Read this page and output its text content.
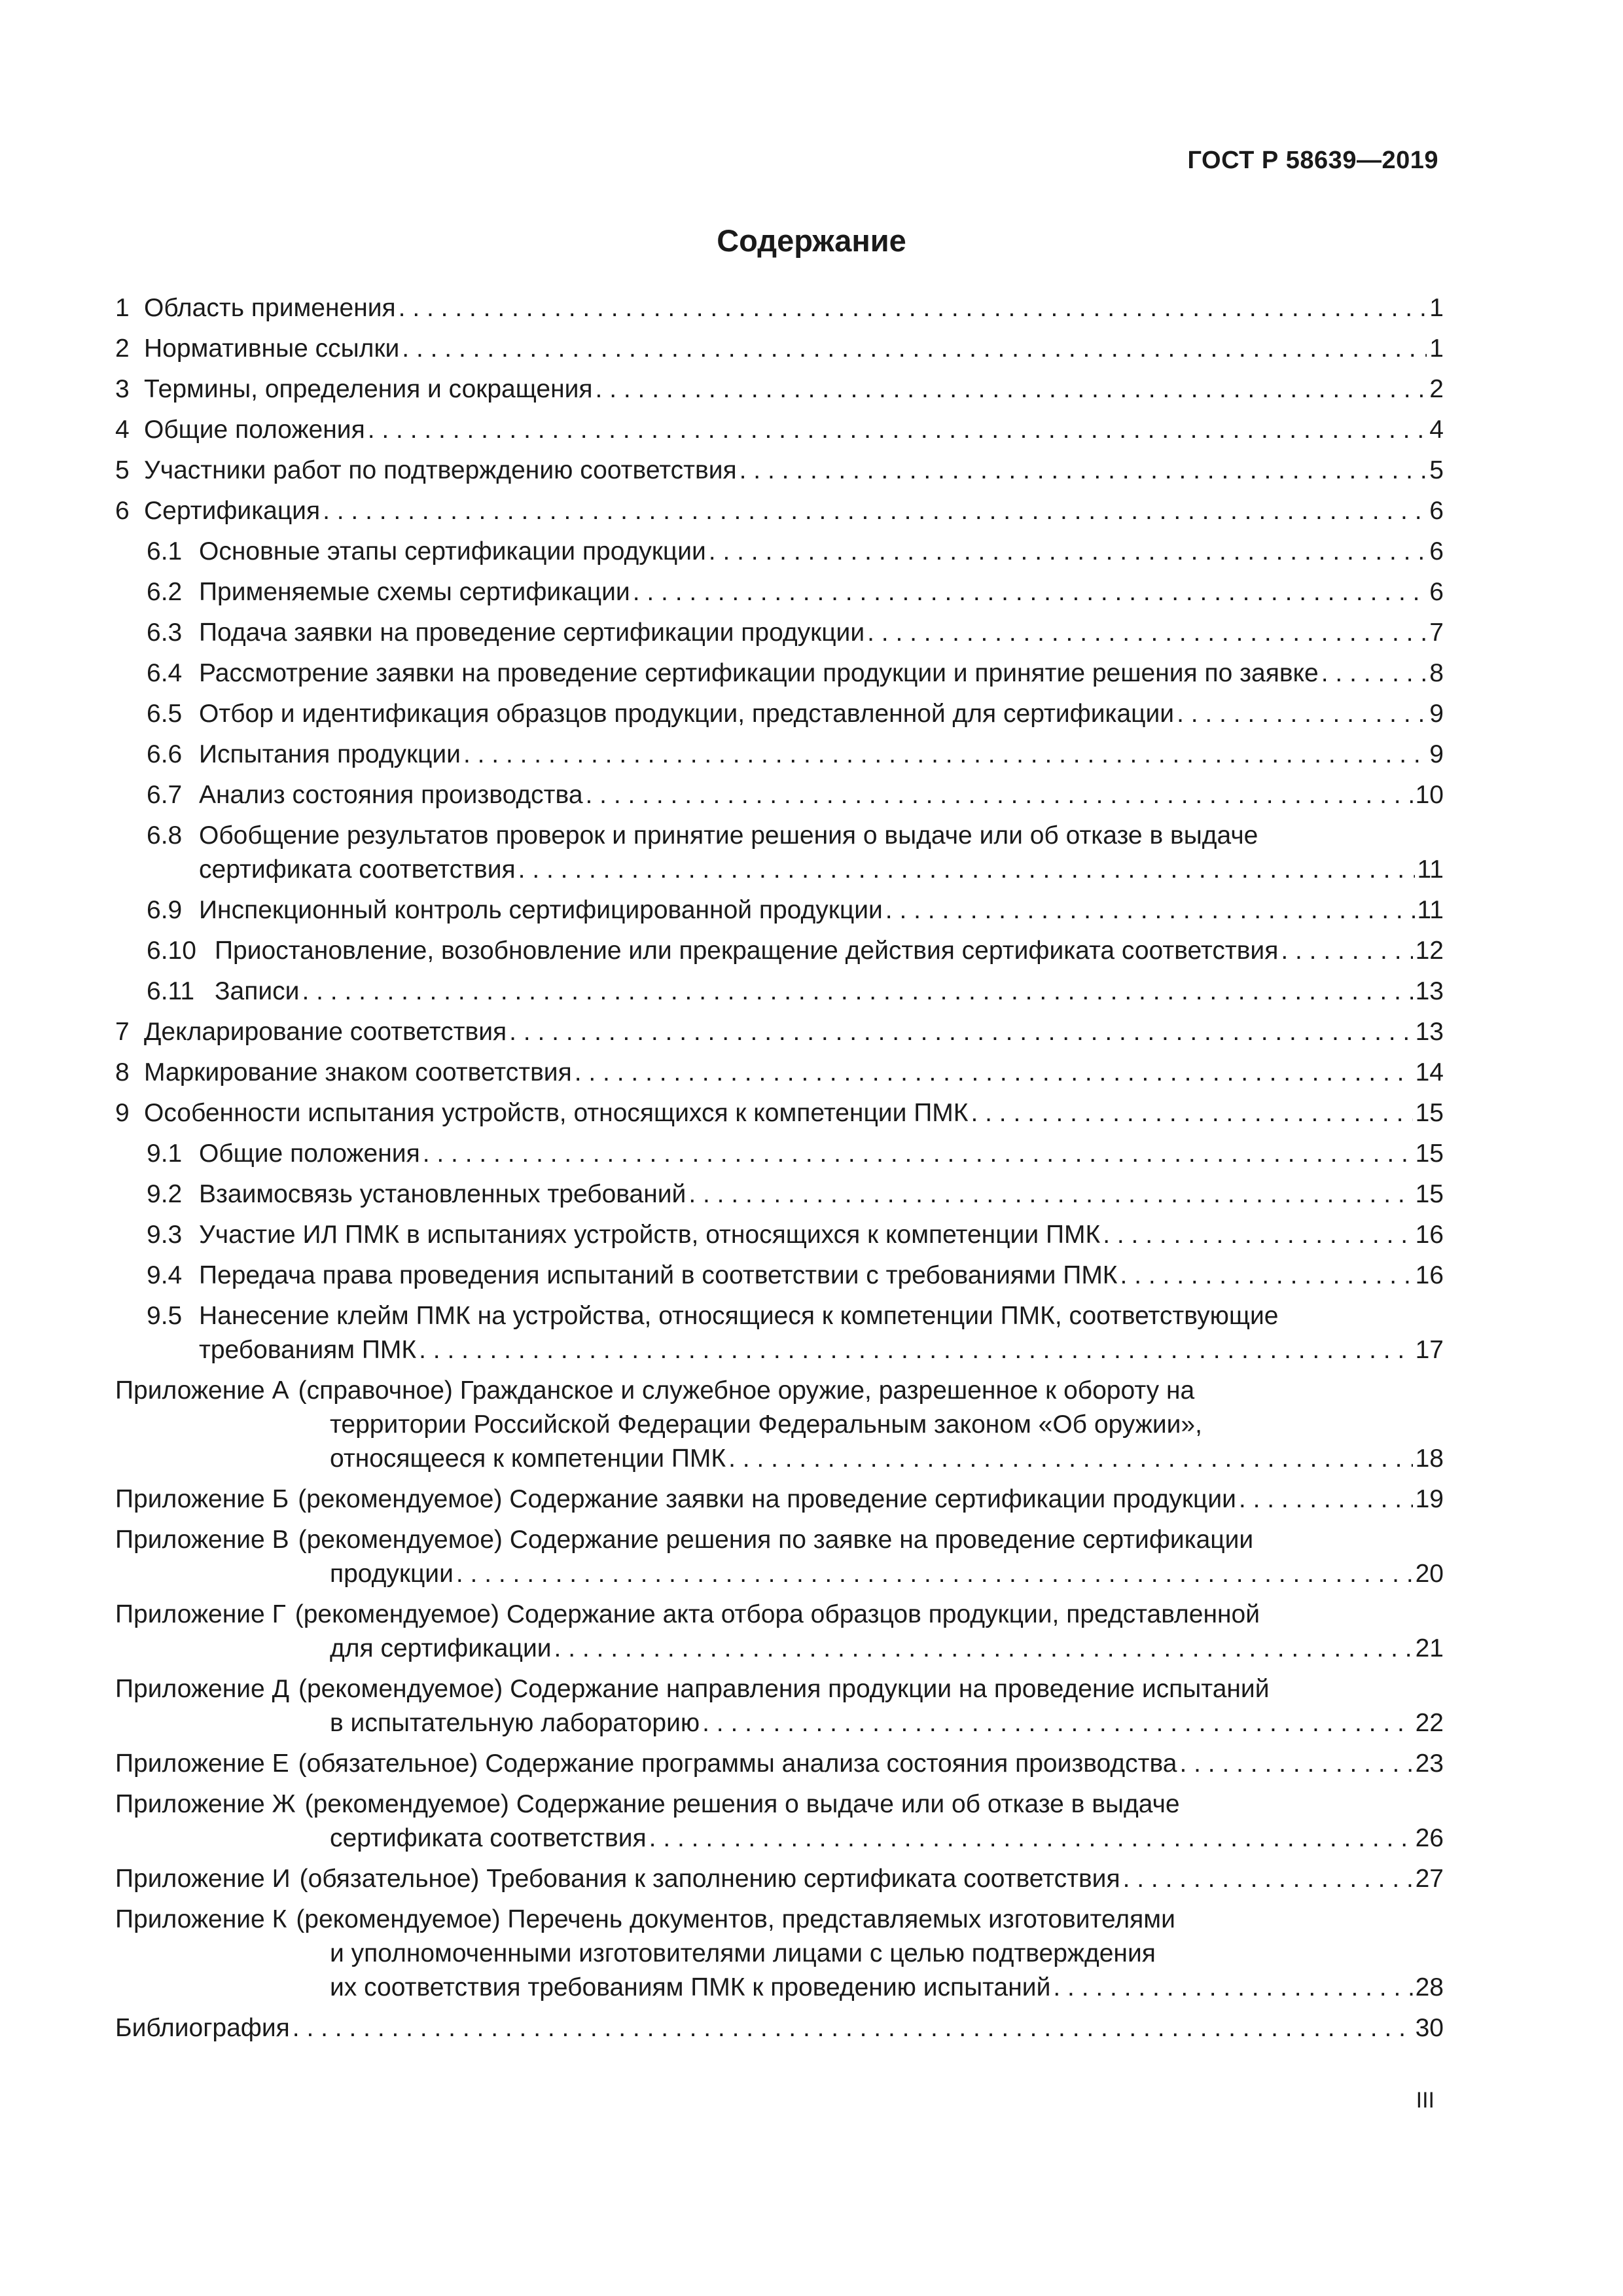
ГОСТ Р 58639—2019
Содержание
1 Область применения . . .	1
2 Нормативные ссылки . . .	1
3 Термины, определения и сокращения . . .	2
4 Общие положения . . .	4
5 Участники работ по подтверждению соответствия . . .	5
6 Сертификация . . .	6
6.1 Основные этапы сертификации продукции . . .	6
6.2 Применяемые схемы сертификации . . .	6
6.3 Подача заявки на проведение сертификации продукции . . .	7
6.4 Рассмотрение заявки на проведение сертификации продукции и принятие решения по заявке . . .	8
6.5 Отбор и идентификация образцов продукции, представленной для сертификации . . .	9
6.6 Испытания продукции . . .	9
6.7 Анализ состояния производства . . .	10
6.8 Обобщение результатов проверок и принятие решения о выдаче или об отказе в выдаче
сертификата соответствия . . .	11
6.9 Инспекционный контроль сертифицированной продукции . . .	11
6.10 Приостановление, возобновление или прекращение действия сертификата соответствия . . .	12
6.11 Записи . . .	13
7 Декларирование соответствия . . .	13
8 Маркирование знаком соответствия . . .	14
9 Особенности испытания устройств, относящихся к компетенции ПМК . . .	15
9.1 Общие положения . . .	15
9.2 Взаимосвязь установленных требований . . .	15
9.3 Участие ИЛ ПМК в испытаниях устройств, относящихся к компетенции ПМК . . .	16
9.4 Передача права проведения испытаний в соответствии с требованиями ПМК . . .	16
9.5 Нанесение клейм ПМК на устройства, относящиеся к компетенции ПМК, соответствующие
требованиям ПМК . . .	17
Приложение А (справочное) Гражданское и служебное оружие, разрешенное к обороту на
территории Российской Федерации Федеральным законом «Об оружии»,
относящееся к компетенции ПМК . . .	18
Приложение Б (рекомендуемое) Содержание заявки на проведение сертификации продукции . . .	19
Приложение В (рекомендуемое) Содержание решения по заявке на проведение сертификации
продукции . . .	20
Приложение Г (рекомендуемое) Содержание акта отбора образцов продукции, представленной
для сертификации . . .	21
Приложение Д (рекомендуемое) Содержание направления продукции на проведение испытаний
в испытательную лабораторию . . .	22
Приложение Е (обязательное) Содержание программы анализа состояния производства . . .	23
Приложение Ж (рекомендуемое) Содержание решения о выдаче или об отказе в выдаче
сертификата соответствия . . .	26
Приложение И (обязательное) Требования к заполнению сертификата соответствия . . .	27
Приложение К (рекомендуемое) Перечень документов, представляемых изготовителями
и уполномоченными изготовителями лицами с целью подтверждения
их соответствия требованиям ПМК к проведению испытаний . . .	28
Библиография . . .	30
III
